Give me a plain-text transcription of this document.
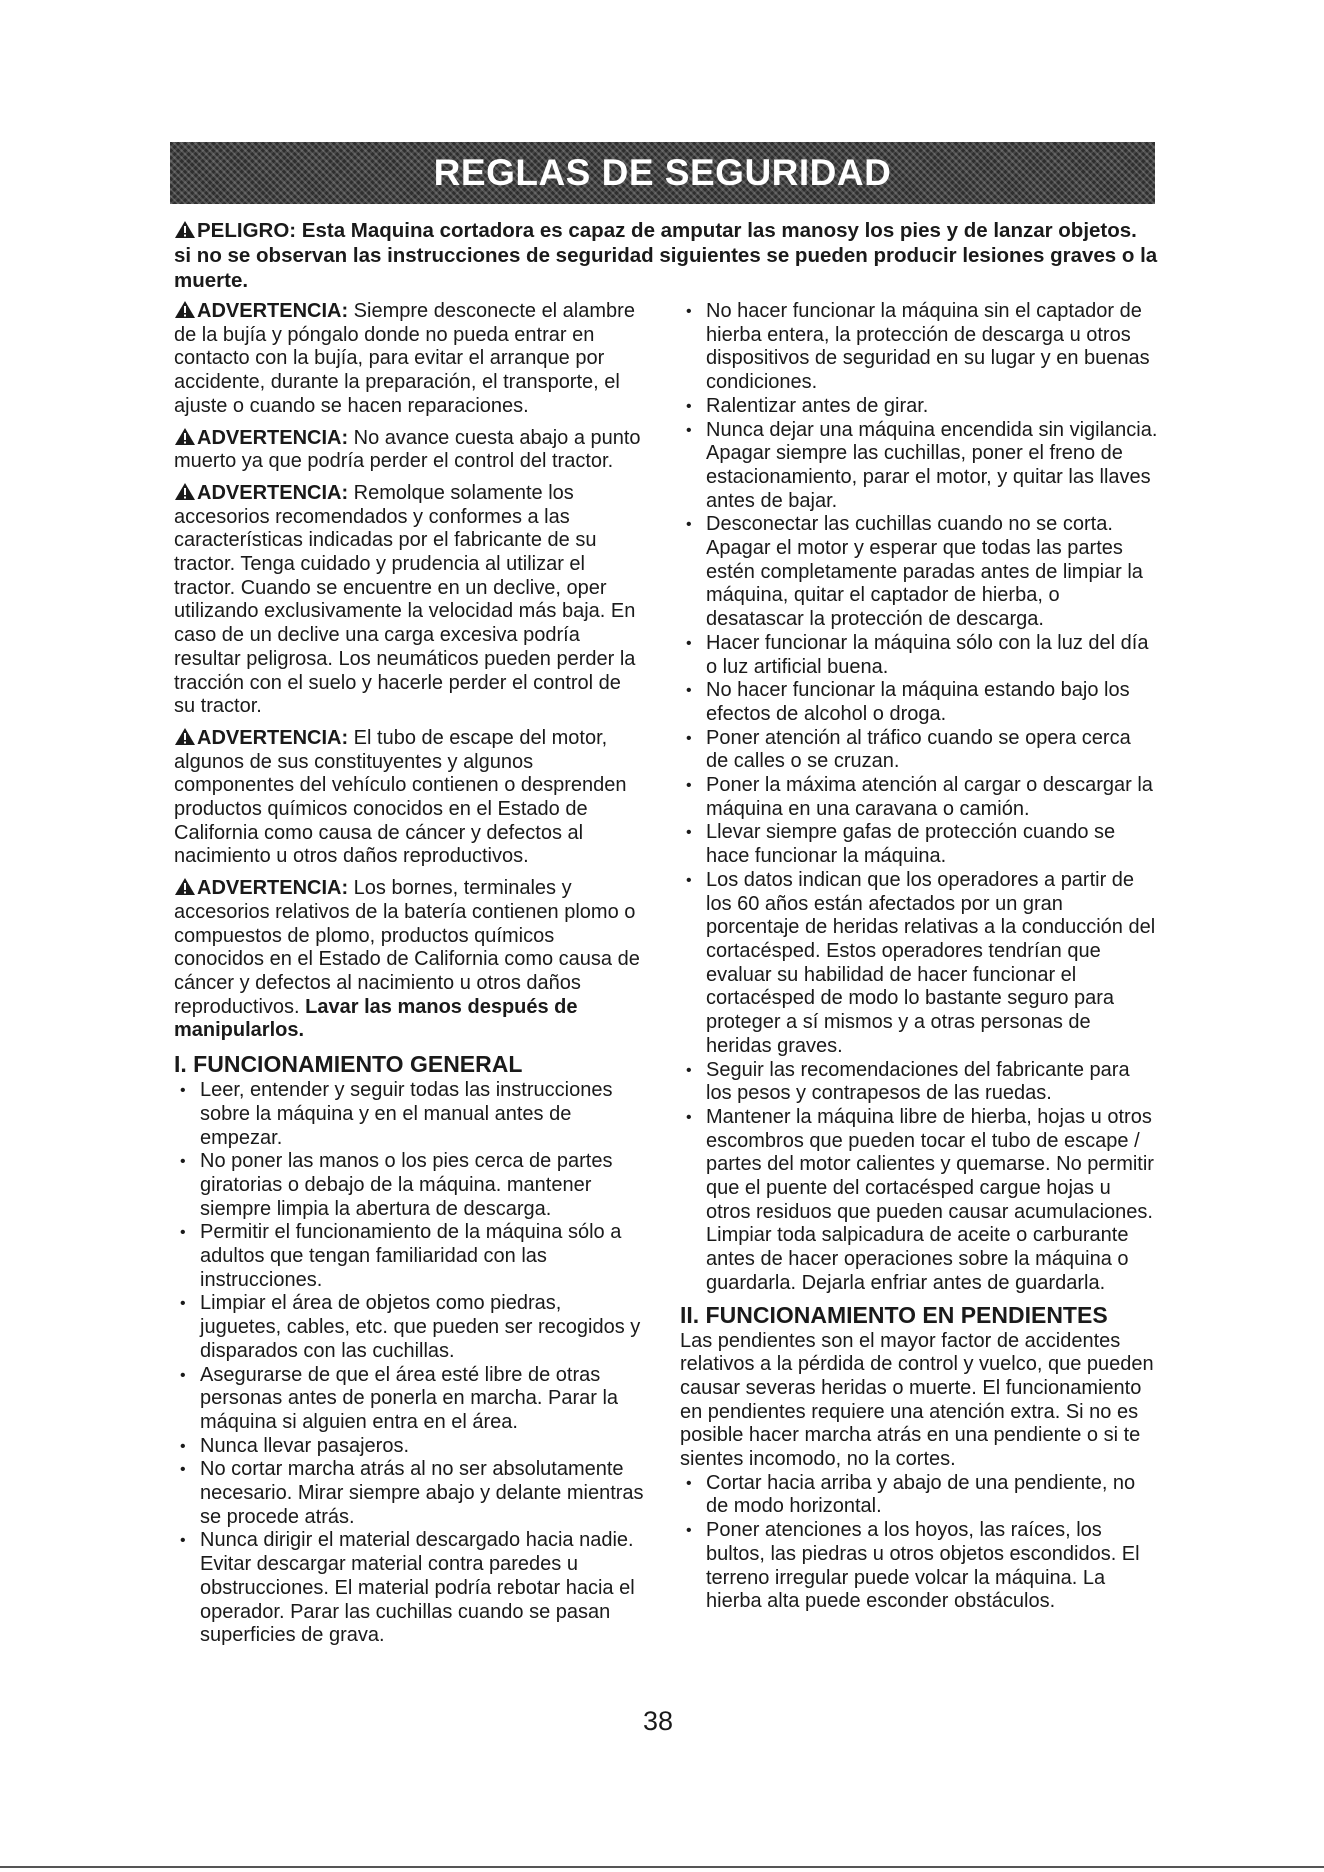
REGLAS DE SEGURIDAD
PELIGRO: Esta Maquina cortadora es capaz de amputar las manosy los pies y de lanzar objetos. si no se observan las instrucciones de seguridad siguientes se pueden producir lesiones graves o la muerte.

ADVERTENCIA: Siempre desconecte el alambre de la bujía y póngalo donde no pueda entrar en contacto con la bujía, para evitar el arranque por accidente, durante la preparación, el transporte, el ajuste o cuando se hacen reparaciones.

ADVERTENCIA: No avance cuesta abajo a punto muerto ya que podría perder el control del tractor.

ADVERTENCIA: Remolque solamente los accesorios recomendados y conformes a las características indicadas por el fabricante de su tractor. Tenga cuidado y prudencia al utilizar el tractor. Cuando se encuentre en un declive, oper utilizando exclusivamente la velocidad más baja. En caso de un declive una carga excesiva podría resultar peligrosa. Los neumáticos pueden perder la tracción con el suelo y hacerle perder el control de su tractor.

ADVERTENCIA: El tubo de escape del motor, algunos de sus constituyentes y algunos componentes del vehículo contienen o desprenden productos químicos conocidos en el Estado de California como causa de cáncer y defectos al nacimiento u otros daños reproductivos.

ADVERTENCIA: Los bornes, terminales y accesorios relativos de la batería contienen plomo o compuestos de plomo, productos químicos conocidos en el Estado de California como causa de cáncer y defectos al nacimiento u otros daños reproductivos. Lavar las manos después de manipularlos.

I. FUNCIONAMIENTO GENERAL
• Leer, entender y seguir todas las instrucciones sobre la máquina y en el manual antes de empezar.
• No poner las manos o los pies cerca de partes giratorias o debajo de la máquina. mantener siempre limpia la abertura de descarga.
• Permitir el funcionamiento de la máquina sólo a adultos que tengan familiaridad con las instrucciones.
• Limpiar el área de objetos como piedras, juguetes, cables, etc. que pueden ser recogidos y disparados con las cuchillas.
• Asegurarse de que el área esté libre de otras personas antes de ponerla en marcha. Parar la máquina si alguien entra en el área.
• Nunca llevar pasajeros.
• No cortar marcha atrás al no ser absolutamente necesario. Mirar siempre abajo y delante mientras se procede atrás.
• Nunca dirigir el material descargado hacia nadie. Evitar descargar material contra paredes u obstrucciones. El material podría rebotar hacia el operador. Parar las cuchillas cuando se pasan superficies de grava.
• No hacer funcionar la máquina sin el captador de hierba entera, la protección de descarga u otros dispositivos de seguridad en su lugar y en buenas condiciones.
• Ralentizar antes de girar.
• Nunca dejar una máquina encendida sin vigilancia. Apagar siempre las cuchillas, poner el freno de estacionamiento, parar el motor, y quitar las llaves antes de bajar.
• Desconectar las cuchillas cuando no se corta. Apagar el motor y esperar que todas las partes estén completamente paradas antes de limpiar la máquina, quitar el captador de hierba, o desatascar la protección de descarga.
• Hacer funcionar la máquina sólo con la luz del día o luz artificial buena.
• No hacer funcionar la máquina estando bajo los efectos de alcohol o droga.
• Poner atención al tráfico cuando se opera cerca de calles o se cruzan.
• Poner la máxima atención al cargar o descargar la máquina en una caravana o camión.
• Llevar siempre gafas de protección cuando se hace funcionar la máquina.
• Los datos indican que los operadores a partir de los 60 años están afectados por un gran porcentaje de heridas relativas a la conducción del cortacésped. Estos operadores tendrían que evaluar su habilidad de hacer funcionar el cortacésped de modo lo bastante seguro para proteger a sí mismos y a otras personas de heridas graves.
• Seguir las recomendaciones del fabricante para los pesos y contrapesos de las ruedas.
• Mantener la máquina libre de hierba, hojas u otros escombros que pueden tocar el tubo de escape / partes del motor calientes y quemarse. No permitir que el puente del cortacésped cargue hojas u otros residuos que pueden causar acumulaciones. Limpiar toda salpicadura de aceite o carburante antes de hacer operaciones sobre la máquina o guardarla. Dejarla enfriar antes de guardarla.
II. FUNCIONAMIENTO EN PENDIENTES

Las pendientes son el mayor factor de accidentes relativos a la pérdida de control y vuelco, que pueden causar severas heridas o muerte. El funcionamiento en pendientes requiere una atención extra. Si no es posible hacer marcha atrás en una pendiente o si te sientes incomodo, no la cortes.

• Cortar hacia arriba y abajo de una pendiente, no de modo horizontal.
• Poner atenciones a los hoyos, las raíces, los bultos, las piedras u otros objetos escondidos. El terreno irregular puede volcar la máquina. La hierba alta puede esconder obstáculos.
38
